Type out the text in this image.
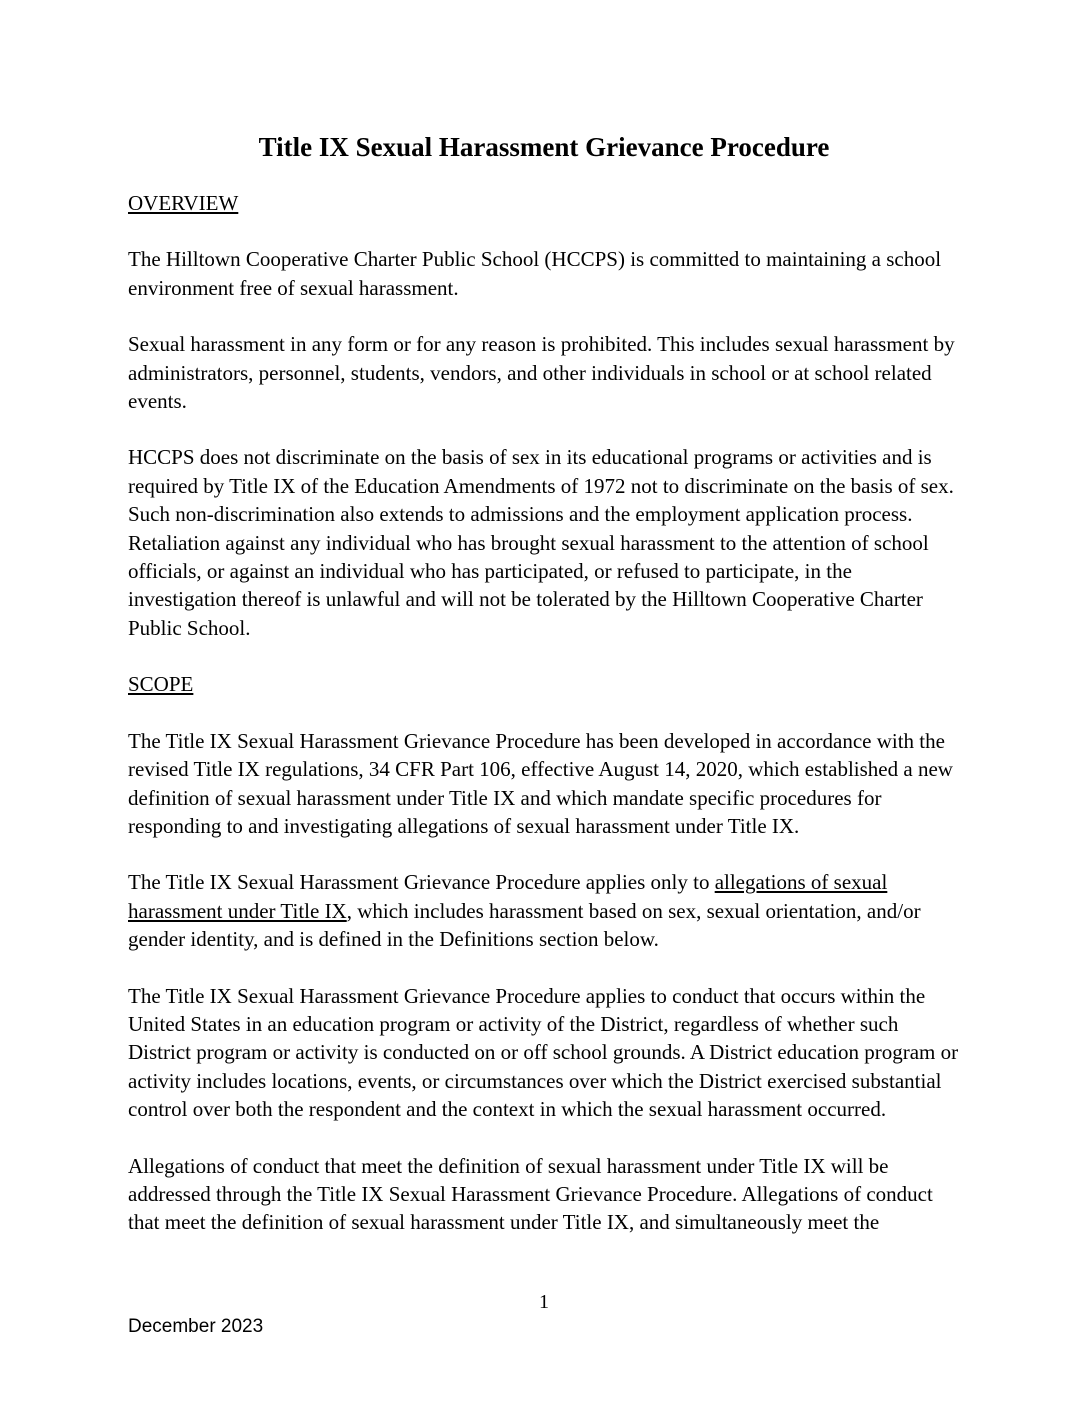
Title IX Sexual Harassment Grievance Procedure
OVERVIEW

The Hilltown Cooperative Charter Public School (HCCPS) is committed to maintaining a school environment free of sexual harassment.

Sexual harassment in any form or for any reason is prohibited. This includes sexual harassment by administrators, personnel, students, vendors, and other individuals in school or at school related events.

HCCPS does not discriminate on the basis of sex in its educational programs or activities and is required by Title IX of the Education Amendments of 1972 not to discriminate on the basis of sex. Such non-discrimination also extends to admissions and the employment application process. Retaliation against any individual who has brought sexual harassment to the attention of school officials, or against an individual who has participated, or refused to participate, in the investigation thereof is unlawful and will not be tolerated by the Hilltown Cooperative Charter Public School.

SCOPE

The Title IX Sexual Harassment Grievance Procedure has been developed in accordance with the revised Title IX regulations, 34 CFR Part 106, effective August 14, 2020, which established a new definition of sexual harassment under Title IX and which mandate specific procedures for responding to and investigating allegations of sexual harassment under Title IX.

The Title IX Sexual Harassment Grievance Procedure applies only to allegations of sexual harassment under Title IX, which includes harassment based on sex, sexual orientation, and/or gender identity, and is defined in the Definitions section below.

The Title IX Sexual Harassment Grievance Procedure applies to conduct that occurs within the United States in an education program or activity of the District, regardless of whether such District program or activity is conducted on or off school grounds. A District education program or activity includes locations, events, or circumstances over which the District exercised substantial control over both the respondent and the context in which the sexual harassment occurred.

Allegations of conduct that meet the definition of sexual harassment under Title IX will be addressed through the Title IX Sexual Harassment Grievance Procedure. Allegations of conduct that meet the definition of sexual harassment under Title IX, and simultaneously meet the

1
December 2023
